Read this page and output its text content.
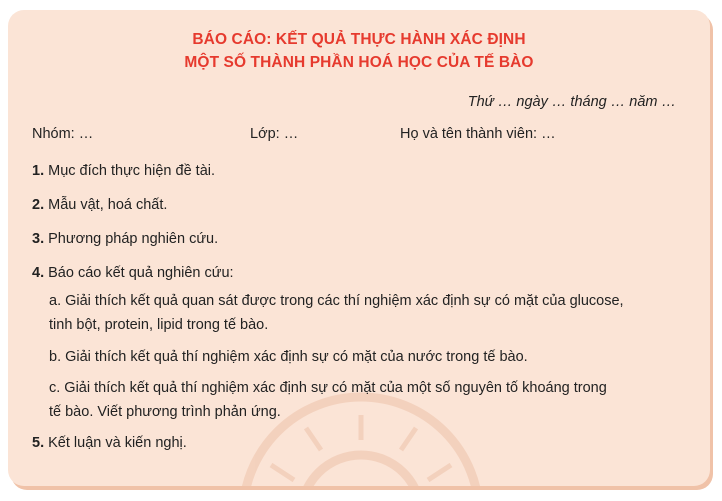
BÁO CÁO: KẾT QUẢ THỰC HÀNH XÁC ĐỊNH
MỘT SỐ THÀNH PHẦN HOÁ HỌC CỦA TẾ BÀO
Thứ … ngày … tháng … năm …
Nhóm: …	Lớp: …	Họ và tên thành viên: …
1. Mục đích thực hiện đề tài.
2. Mẫu vật, hoá chất.
3. Phương pháp nghiên cứu.
4. Báo cáo kết quả nghiên cứu:
a. Giải thích kết quả quan sát được trong các thí nghiệm xác định sự có mặt của glucose,
tinh bột, protein, lipid trong tế bào.
b. Giải thích kết quả thí nghiệm xác định sự có mặt của nước trong tế bào.
c. Giải thích kết quả thí nghiệm xác định sự có mặt của một số nguyên tố khoáng trong
tế bào. Viết phương trình phản ứng.
5. Kết luận và kiến nghị.
